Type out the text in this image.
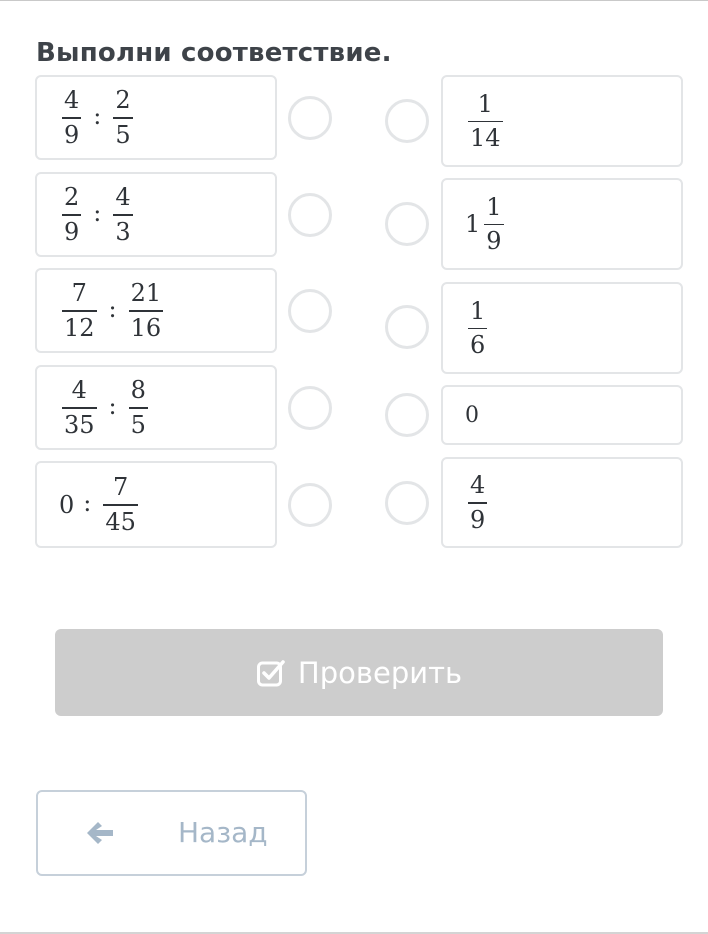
Выполни соответствие.
$\frac{4}{9}$ : $\frac{2}{5}$
$\frac{2}{9}$ : $\frac{4}{3}$
$\frac{7}{12}$ : $\frac{21}{16}$
$\frac{4}{35}$ : $\frac{8}{5}$
0 : $\frac{7}{45}$
$\frac{1}{14}$
$1 \frac{1}{9}$
$\frac{1}{6}$
0
$\frac{4}{9}$
Проверить
Назад
